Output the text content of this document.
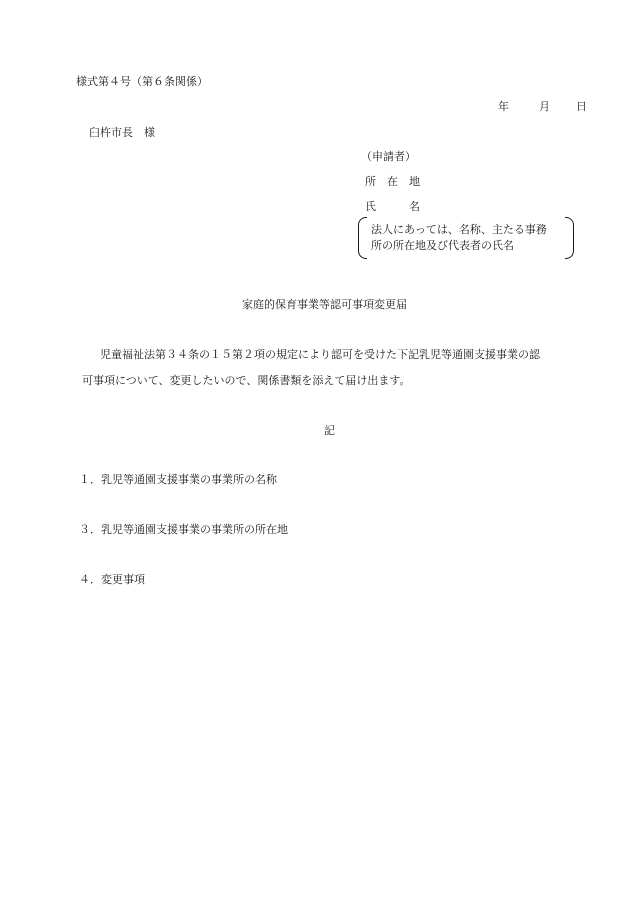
様式第４号（第６条関係）
年	月 日
臼杵市長　様
（申請者）
所　在　地
氏　　　名
法人にあっては、名称、主たる事務
所の所在地及び代表者の氏名
家庭的保育事業等認可事項変更届
児童福祉法第３４条の１５第２項の規定により認可を受けた下記乳児等通園支援事業の認
可事項について、変更したいので、関係書類を添えて届け出ます。
記
１．乳児等通園支援事業の事業所の名称
３．乳児等通園支援事業の事業所の所在地
４．変更事項
